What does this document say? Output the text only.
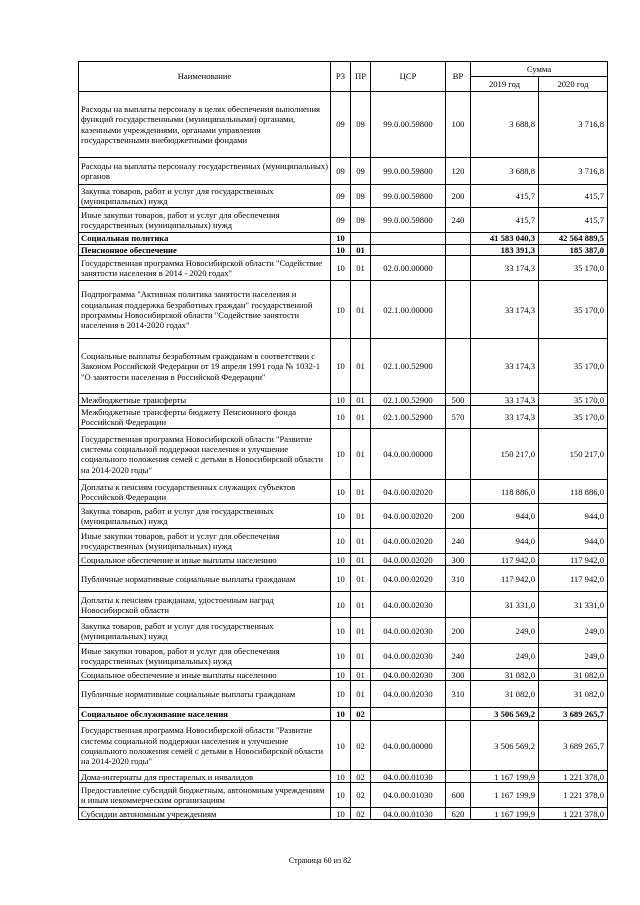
Наименование	РЗ	ПР	ЦСР	ВР	Сумма	
					2019 год	2020 год
Расходы на выплаты персоналу в целях обеспечения выполнения функций государственными (муниципальными) органами, казенными учреждениями, органами управления государственными внебюджетными фондами	09	09	99.0.00.59800	100	3 688,8	3 716,8
Расходы на выплаты персоналу государственных (муниципальных) органов	09	09	99.0.00.59800	120	3 688,8	3 716,8
Закупка товаров, работ и услуг для государственных (муниципальных) нужд	09	09	99.0.00.59800	200	415,7	415,7
Иные закупки товаров, работ и услуг для обеспечения государственных (муниципальных) нужд	09	09	99.0.00.59800	240	415,7	415,7
Социальная политика	10				41 583 040,3	42 564 889,5
Пенсионное обеспечение	10	01			183 391,3	185 387,0
Государственная программа Новосибирской области "Содействие занятости населения в 2014 - 2020 годах"	10	01	02.0.00.00000		33 174,3	35 170,0
Подпрограмма "Активная политика занятости населения и социальная поддержка безработных граждан" государственной программы Новосибирской области "Содействие занятости населения в 2014-2020 годах"	10	01	02.1.00.00000		33 174,3	35 170,0
Социальные выплаты безработным гражданам в соответствии с Законом Российской Федерации от 19 апреля 1991 года № 1032-1 "О занятости населения в Российской Федерации"	10	01	02.1.00.52900		33 174,3	35 170,0
Межбюджетные трансферты	10	01	02.1.00.52900	500	33 174,3	35 170,0
Межбюджетные трансферты бюджету Пенсионного фонда Российской Федерации	10	01	02.1.00.52900	570	33 174,3	35 170,0
Государственная программа Новосибирской области "Развитие системы социальной поддержки населения и улучшение социального положения семей с детьми в Новосибирской области на 2014-2020 годы"	10	01	04.0.00.00000		150 217,0	150 217,0
Доплаты к пенсиям государственных служащих субъектов Российской Федерации	10	01	04.0.00.02020		118 886,0	118 886,0
Закупка товаров, работ и услуг для государственных (муниципальных) нужд	10	01	04.0.00.02020	200	944,0	944,0
Иные закупки товаров, работ и услуг для обеспечения государственных (муниципальных) нужд	10	01	04.0.00.02020	240	944,0	944,0
Социальное обеспечение и иные выплаты населению	10	01	04.0.00.02020	300	117 942,0	117 942,0
Публичные нормативные социальные выплаты гражданам	10	01	04.0.00.02020	310	117 942,0	117 942,0
Доплаты к пенсиям гражданам, удостоенным наград Новосибирской области	10	01	04.0.00.02030		31 331,0	31 331,0
Закупка товаров, работ и услуг для государственных (муниципальных) нужд	10	01	04.0.00.02030	200	249,0	249,0
Иные закупки товаров, работ и услуг для обеспечения государственных (муниципальных) нужд	10	01	04.0.00.02030	240	249,0	249,0
Социальное обеспечение и иные выплаты населению	10	01	04.0.00.02030	300	31 082,0	31 082,0
Публичные нормативные социальные выплаты гражданам	10	01	04.0.00.02030	310	31 082,0	31 082,0
Социальное обслуживание населения	10	02			3 506 569,2	3 689 265,7
Государственная программа Новосибирской области "Развитие системы социальной поддержки населения и улучшение социального положения семей с детьми в Новосибирской области на 2014-2020 годы"	10	02	04.0.00.00000		3 506 569,2	3 689 265,7
Дома-интернаты для престарелых и инвалидов	10	02	04.0.00.01030		1 167 199,9	1 221 378,0
Предоставление субсидий бюджетным, автономным учреждениям и иным некоммерческим организациям	10	02	04.0.00.01030	600	1 167 199,9	1 221 378,0
Субсидии автономным учреждениям	10	02	04.0.00.01030	620	1 167 199,9	1 221 378,0
Страница 60 из 82
